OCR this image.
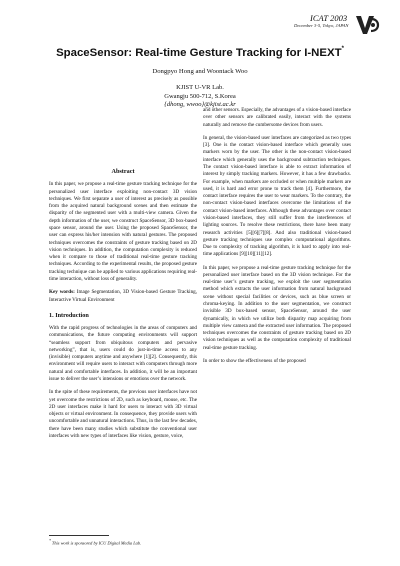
ICAT 2003
December 3-5, Tokyo, JAPAN
SpaceSensor: Real-time Gesture Tracking for I-NEXT*
Dongpyo Hong and Woontack Woo
KJIST U-VR Lab.
Gwangju 500-712, S.Korea
{dhong, wwoo}@kjist.ac.kr
Abstract

In this paper, we propose a real-time gesture tracking technique for the personalized user interface exploiting non-contact 3D vision techniques. We first separate a user of interest as precisely as possible from the acquired natural background scenes and then estimate the disparity of the segmented user with a multi-view camera. Given the depth information of the user, we construct SpaceSensor, 3D box-based space sensor, around the user. Using the proposed SpaceSensor, the user can express his/her intension with natural gestures. The proposed techniques overcomes the constraints of gesture tracking based on 2D vision techniques. In addition, the computation complexity is reduced when it compare to those of traditional real-time gesture tracking techniques. According to the experimental results, the proposed gesture tracking technique can be applied to various applications requiring real-time interaction, without loss of generality.

Key words: Image Segmentation, 3D Vision-based Gesture Tracking, Interactive Virtual Environment

1. Introduction

With the rapid progress of technologies in the areas of computers and communications, the future computing environments will support “seamless support from ubiquitous computers and pervasive networking”, that is, users could do just-in-time access to any (invisible) computers anytime and anywhere [1][2]. Consequently, this environment will require users to interact with computers through more natural and comfortable interfaces. In addition, it will be an important issue to deliver the user’s intensions or emotions over the network.

In the spite of these requirements, the previous user interfaces have not yet overcome the restrictions of 2D, such as keyboard, mouse, etc. The 2D user interfaces make it hard for users to interact with 3D virtual objects or virtual environment. In consequence, they provide users with uncomfortable and unnatural interactions. Thus, in the last few decades, there have been many studies which substitute the conventional user interfaces with new types of interfaces like vision, gesture, voice,

and other sensors. Especially, the advantages of a vision-based interface over other sensors are calibrated easily, interact with the systems naturally and remove the cumbersome devices from users.

In general, the vision-based user interfaces are categorized as two types [3]. One is the contact vision-based interface which generally uses markers worn by the user. The other is the non-contact vision-based interface which generally uses the background subtraction techniques. The contact vision-based interface is able to extract information of interest by simply tracking markers. However, it has a few drawbacks. For example, when markers are occluded or when multiple markers are used, it is hard and error prone to track them [4]. Furthermore, the contact interface requires the user to wear markers. To the contrary, the non-contact vision-based interfaces overcome the limitations of the contact vision-based interfaces. Although these advantages over contact vision-based interfaces, they still suffer from the interferences of lighting sources. To resolve these restrictions, there have been many research activities [5][6][7][8]. And also traditional vision-based gesture tracking techniques use complex computational algorithms. Due to complexity of tracking algorithm, it is hard to apply into real-time applications [9][10][11][12].

In this paper, we propose a real-time gesture tracking technique for the personalized user interface based on the 3D vision technique. For the real-time user’s gesture tracking, we exploit the user segmentation method which extracts the user information from natural background scene without special facilities or devices, such as blue screen or chroma-keying. In addition to the user segmentation, we construct invisible 3D box-based sensor, SpaceSensor, around the user dynamically, in which we utilize both disparity map acquiring from multiple view camera and the extracted user information. The proposed techniques overcomes the constraints of gesture tracking based on 2D vision techniques as well as the computation complexity of traditional real-time gesture tracking.

In order to show the effectiveness of the proposed

* This work is sponsored by ICU Digital Media Lab.
